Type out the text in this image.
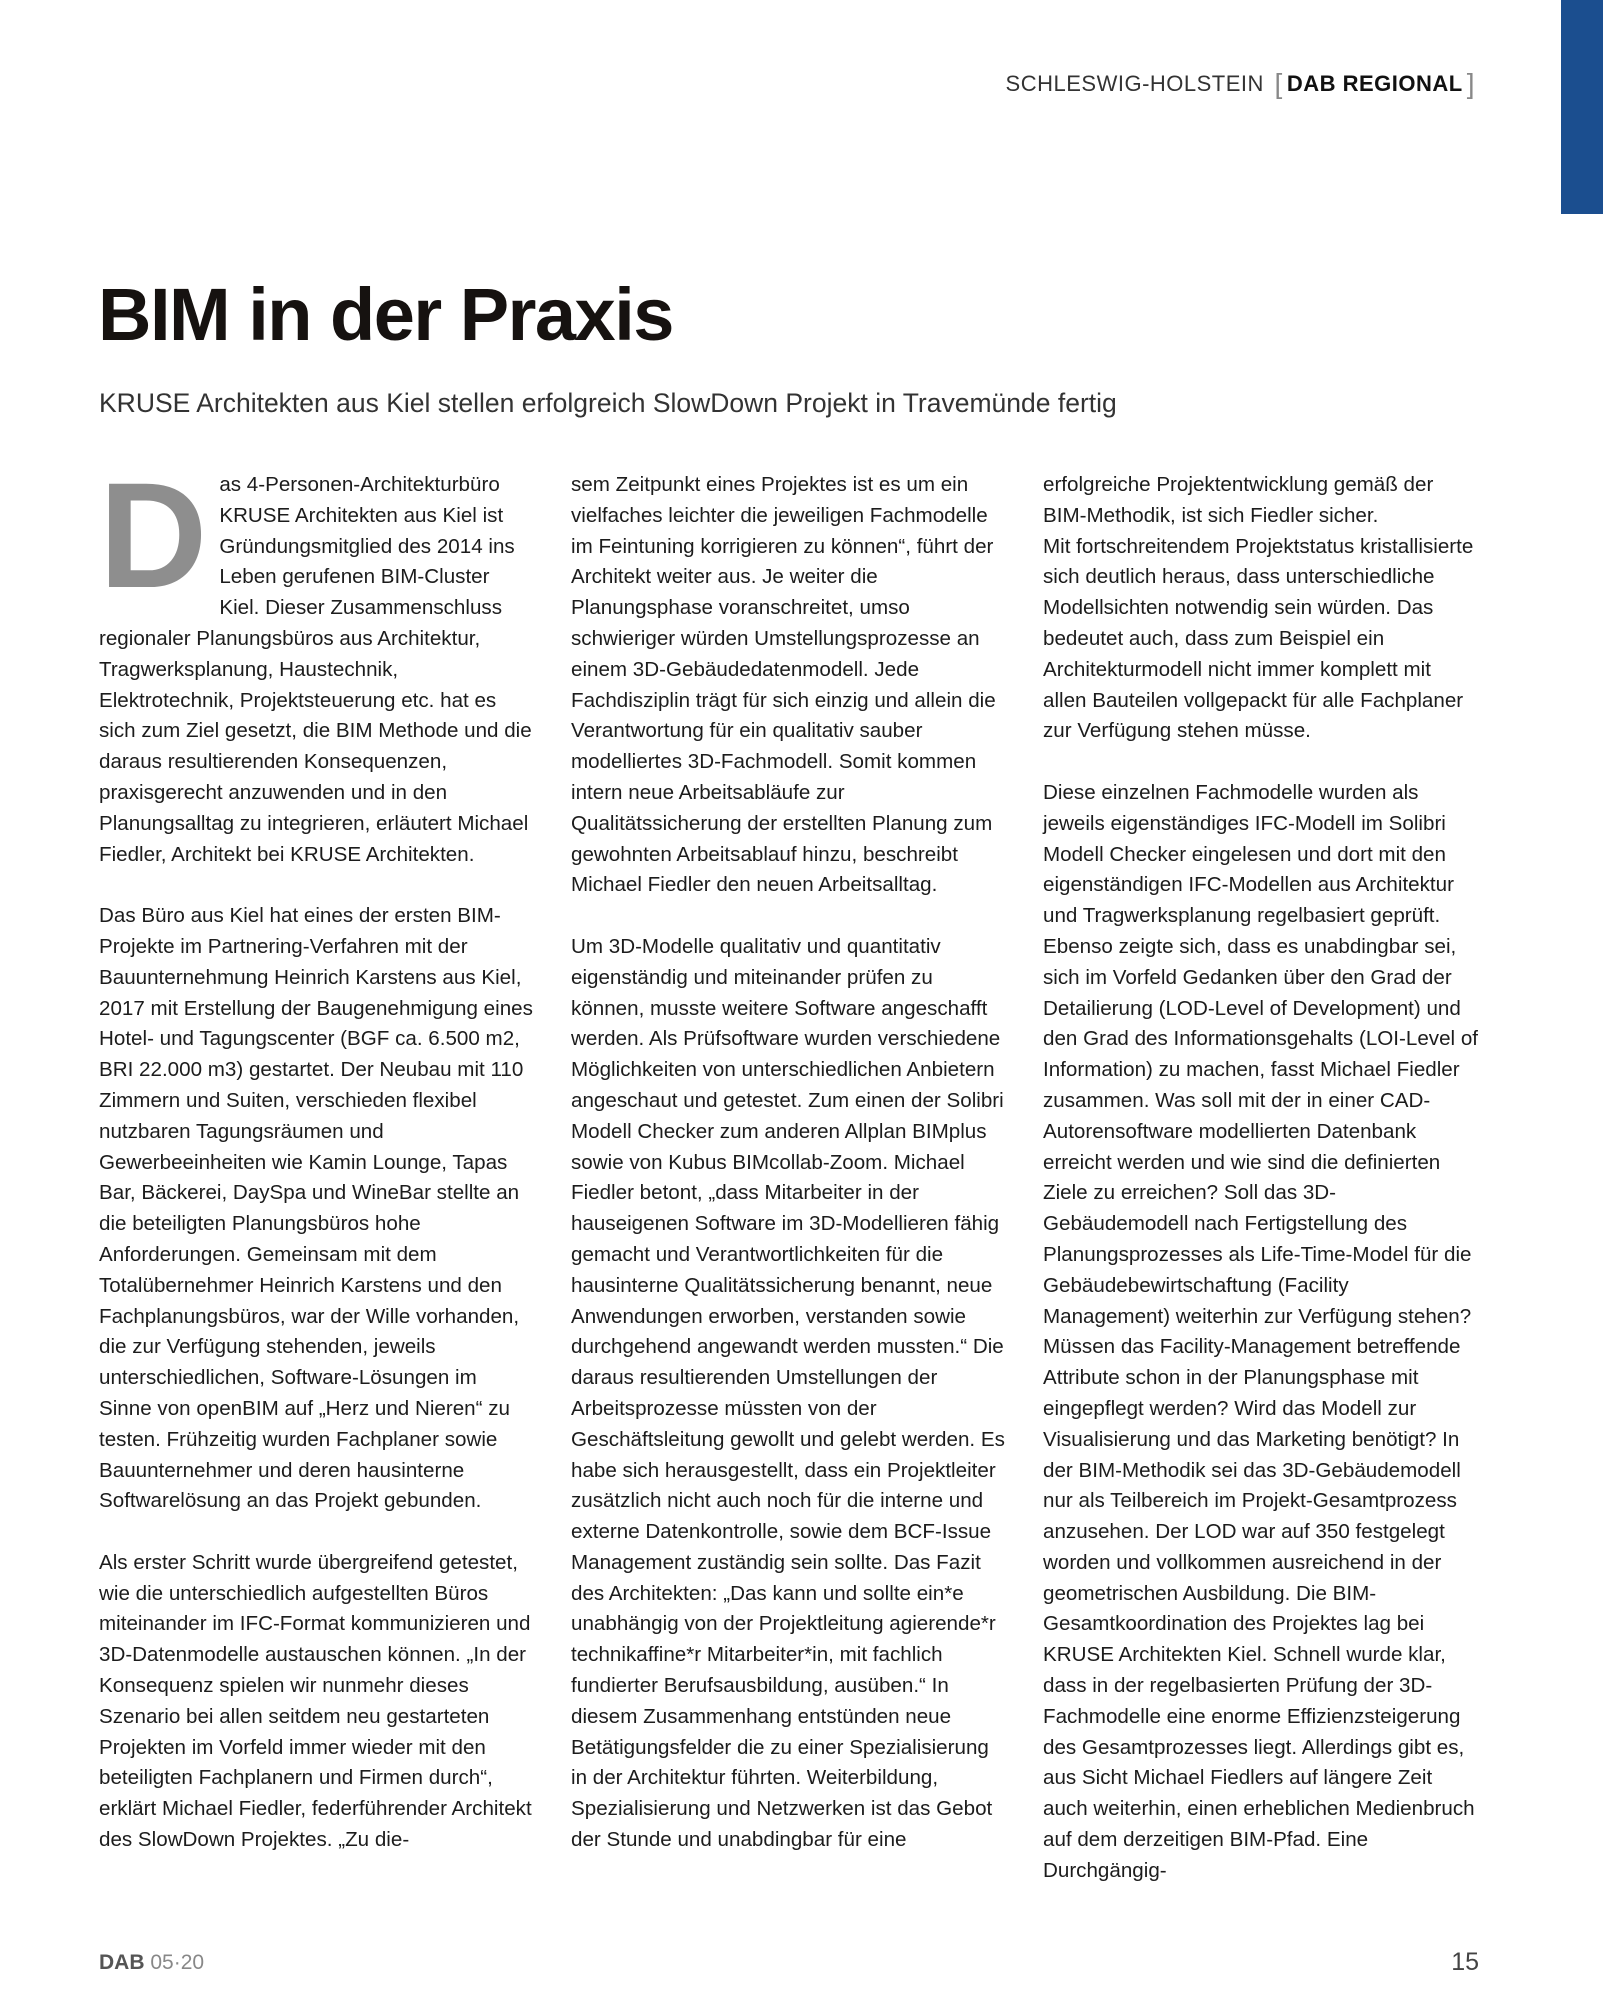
SCHLESWIG-HOLSTEIN [ DAB REGIONAL ]
BIM in der Praxis

KRUSE Architekten aus Kiel stellen erfolgreich SlowDown Projekt in Travemünde fertig

Das 4-Personen-Architekturbüro KRUSE Architekten aus Kiel ist Gründungsmitglied des 2014 ins Leben gerufenen BIM-Cluster Kiel. Dieser Zusammenschluss regionaler Planungsbüros aus Architektur, Tragwerksplanung, Haustechnik, Elektrotechnik, Projektsteuerung etc. hat es sich zum Ziel gesetzt, die BIM Methode und die daraus resultierenden Konsequenzen, praxisgerecht anzuwenden und in den Planungsalltag zu integrieren, erläutert Michael Fiedler, Architekt bei KRUSE Architekten.

Das Büro aus Kiel hat eines der ersten BIM-Projekte im Partnering-Verfahren mit der Bauunternehmung Heinrich Karstens aus Kiel, 2017 mit Erstellung der Baugenehmigung eines Hotel- und Tagungscenter (BGF ca. 6.500 m2, BRI 22.000 m3) gestartet. Der Neubau mit 110 Zimmern und Suiten, verschieden flexibel nutzbaren Tagungsräumen und Gewerbeeinheiten wie Kamin Lounge, Tapas Bar, Bäckerei, DaySpa und WineBar stellte an die beteiligten Planungsbüros hohe Anforderungen. Gemeinsam mit dem Totalübernehmer Heinrich Karstens und den Fachplanungsbüros, war der Wille vorhanden, die zur Verfügung stehenden, jeweils unterschiedlichen, Software-Lösungen im Sinne von openBIM auf „Herz und Nieren“ zu testen. Frühzeitig wurden Fachplaner sowie Bauunternehmer und deren hausinterne Softwarelösung an das Projekt gebunden.

Als erster Schritt wurde übergreifend getestet, wie die unterschiedlich aufgestellten Büros miteinander im IFC-Format kommunizieren und 3D-Datenmodelle austauschen können. „In der Konsequenz spielen wir nunmehr dieses Szenario bei allen seitdem neu gestarteten Projekten im Vorfeld immer wieder mit den beteiligten Fachplanern und Firmen durch“, erklärt Michael Fiedler, federführender Architekt des SlowDown Projektes. „Zu die-

sem Zeitpunkt eines Projektes ist es um ein vielfaches leichter die jeweiligen Fachmodelle im Feintuning korrigieren zu können“, führt der Architekt weiter aus. Je weiter die Planungsphase voranschreitet, umso schwieriger würden Umstellungsprozesse an einem 3D-Gebäudedatenmodell. Jede Fachdisziplin trägt für sich einzig und allein die Verantwortung für ein qualitativ sauber modelliertes 3D-Fachmodell. Somit kommen intern neue Arbeitsabläufe zur Qualitätssicherung der erstellten Planung zum gewohnten Arbeitsablauf hinzu, beschreibt Michael Fiedler den neuen Arbeitsalltag.

Um 3D-Modelle qualitativ und quantitativ eigenständig und miteinander prüfen zu können, musste weitere Software angeschafft werden. Als Prüfsoftware wurden verschiedene Möglichkeiten von unterschiedlichen Anbietern angeschaut und getestet. Zum einen der Solibri Modell Checker zum anderen Allplan BIMplus sowie von Kubus BIMcollab-Zoom. Michael Fiedler betont, „dass Mitarbeiter in der hauseigenen Software im 3D-Modellieren fähig gemacht und Verantwortlichkeiten für die hausinterne Qualitätssicherung benannt, neue Anwendungen erworben, verstanden sowie durchgehend angewandt werden mussten.“ Die daraus resultierenden Umstellungen der Arbeitsprozesse müssten von der Geschäftsleitung gewollt und gelebt werden. Es habe sich herausgestellt, dass ein Projektleiter zusätzlich nicht auch noch für die interne und externe Datenkontrolle, sowie dem BCF-Issue Management zuständig sein sollte. Das Fazit des Architekten: „Das kann und sollte ein*e unabhängig von der Projektleitung agierende*r technikaffine*r Mitarbeiter*in, mit fachlich fundierter Berufsausbildung, ausüben.“ In diesem Zusammenhang entstünden neue Betätigungsfelder die zu einer Spezialisierung in der Architektur führten. Weiterbildung, Spezialisierung und Netzwerken ist das Gebot der Stunde und unabdingbar für eine

erfolgreiche Projektentwicklung gemäß der BIM-Methodik, ist sich Fiedler sicher.

Mit fortschreitendem Projektstatus kristallisierte sich deutlich heraus, dass unterschiedliche Modellsichten notwendig sein würden. Das bedeutet auch, dass zum Beispiel ein Architekturmodell nicht immer komplett mit allen Bauteilen vollgepackt für alle Fachplaner zur Verfügung stehen müsse.

Diese einzelnen Fachmodelle wurden als jeweils eigenständiges IFC-Modell im Solibri Modell Checker eingelesen und dort mit den eigenständigen IFC-Modellen aus Architektur und Tragwerksplanung regelbasiert geprüft. Ebenso zeigte sich, dass es unabdingbar sei, sich im Vorfeld Gedanken über den Grad der Detailierung (LOD-Level of Development) und den Grad des Informationsgehalts (LOI-Level of Information) zu machen, fasst Michael Fiedler zusammen. Was soll mit der in einer CAD-Autorensoftware modellierten Datenbank erreicht werden und wie sind die definierten Ziele zu erreichen? Soll das 3D-Gebäudemodell nach Fertigstellung des Planungsprozesses als Life-Time-Model für die Gebäudebewirtschaftung (Facility Management) weiterhin zur Verfügung stehen? Müssen das Facility-Management betreffende Attribute schon in der Planungsphase mit eingepflegt werden? Wird das Modell zur Visualisierung und das Marketing benötigt? In der BIM-Methodik sei das 3D-Gebäudemodell nur als Teilbereich im Projekt-Gesamtprozess anzusehen. Der LOD war auf 350 festgelegt worden und vollkommen ausreichend in der geometrischen Ausbildung. Die BIM-Gesamtkoordination des Projektes lag bei KRUSE Architekten Kiel. Schnell wurde klar, dass in der regelbasierten Prüfung der 3D-Fachmodelle eine enorme Effizienzsteigerung des Gesamtprozesses liegt. Allerdings gibt es, aus Sicht Michael Fiedlers auf längere Zeit auch weiterhin, einen erheblichen Medienbruch auf dem derzeitigen BIM-Pfad. Eine Durchgängig-

DAB 05·20	15
